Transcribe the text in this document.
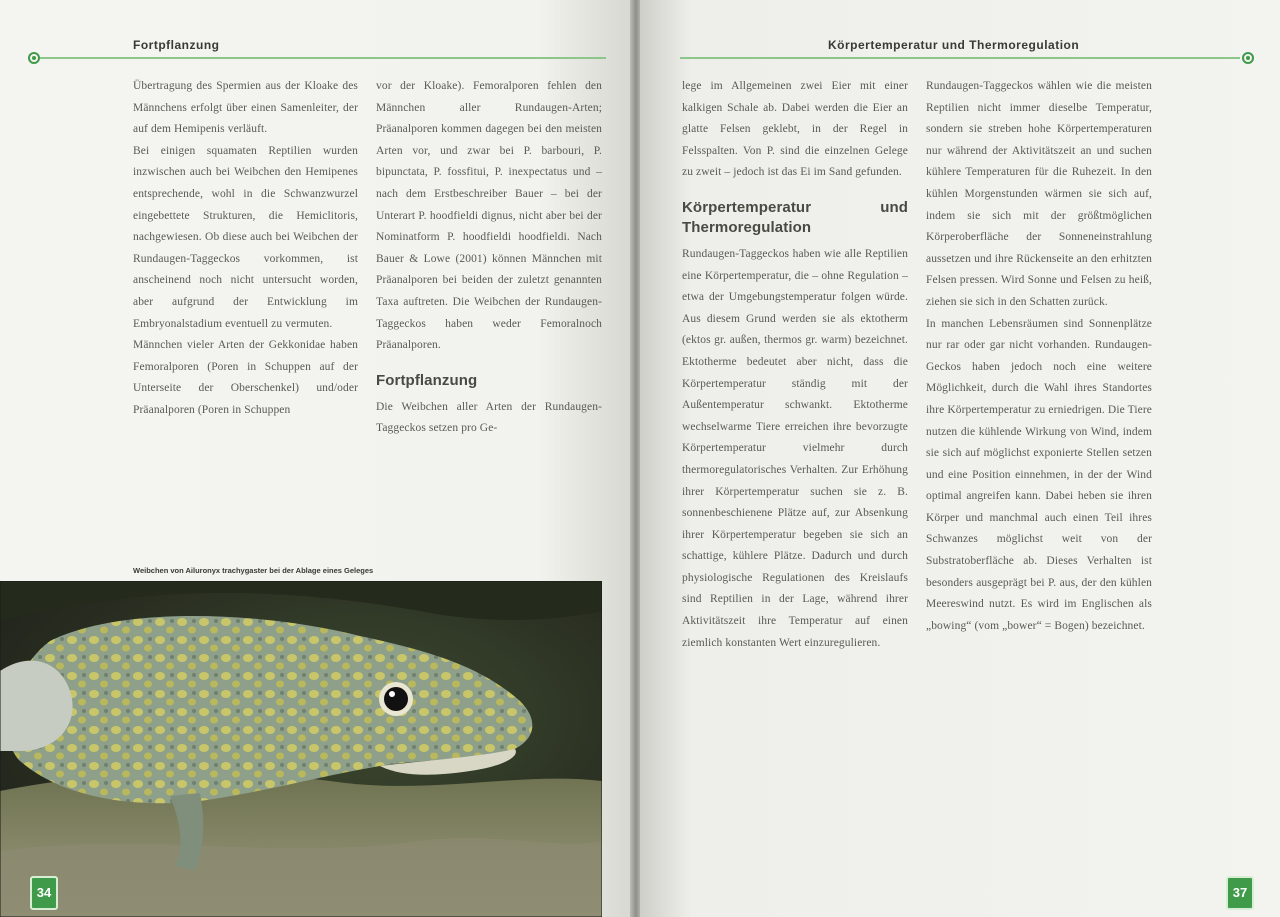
Fortpflanzung

Übertragung des Spermien aus der Kloake des Männchens erfolgt über einen Samenleiter, der auf dem Hemipenis verläuft.

Bei einigen squamaten Reptilien wurden inzwischen auch bei Weibchen den Hemipenes entsprechende, wohl in die Schwanzwurzel eingebettete Strukturen, die Hemiclitoris, nachgewiesen. Ob diese auch bei Weibchen der Rundaugen-Taggeckos vorkommen, ist anscheinend noch nicht untersucht worden, aber aufgrund der Entwicklung im Embryonalstadium eventuell zu vermuten.

Männchen vieler Arten der Gekkonidae haben Femoralporen (Poren in Schuppen auf der Unterseite der Oberschenkel) und/oder Präanalporen (Poren in Schuppen

vor der Kloake). Femoralporen fehlen den Männchen aller Rundaugen-Arten; Präanalporen kommen dagegen bei den meisten Arten vor, und zwar bei P. barbouri, P. bipunctata, P. fossfitui, P. inexpectatus und – nach dem Erstbeschreiber Bauer – bei der Unterart P. hoodfieldi dignus, nicht aber bei der Nominatform P. hoodfieldi hoodfieldi. Nach Bauer & Lowe (2001) können Männchen mit Präanalporen bei beiden der zuletzt genannten Taxa auftreten. Die Weibchen der Rundaugen-Taggeckos haben weder Femoralnoch Präanalporen.

Fortpflanzung

Die Weibchen aller Arten der Rundaugen-Taggeckos setzen pro Ge-

Weibchen von Ailuronyx trachygaster bei der Ablage eines Geleges
34
Körpertemperatur und Thermoregulation

lege im Allgemeinen zwei Eier mit einer kalkigen Schale ab. Dabei werden die Eier an glatte Felsen geklebt, in der Regel in Felsspalten. Von P. sind die einzelnen Gelege zu zweit – jedoch ist das Ei im Sand gefunden.

Körpertemperatur und Thermoregulation

Rundaugen-Taggeckos haben wie alle Reptilien eine Körpertemperatur, die – ohne Regulation – etwa der Umgebungstemperatur folgen würde. Aus diesem Grund werden sie als ektotherm (ektos gr. außen, thermos gr. warm) bezeichnet. Ektotherme bedeutet aber nicht, dass die Körpertemperatur ständig mit der Außentemperatur schwankt. Ektotherme wechselwarme Tiere erreichen ihre bevorzugte Körpertemperatur vielmehr durch thermoregulatorisches Verhalten. Zur Erhöhung ihrer Körpertemperatur suchen sie z. B. sonnenbeschienene Plätze auf, zur Absenkung ihrer Körpertemperatur begeben sie sich an schattige, kühlere Plätze. Dadurch und durch physiologische Regulationen des Kreislaufs sind Reptilien in der Lage, während ihrer Aktivitätszeit ihre Temperatur auf einen ziemlich konstanten Wert einzuregulieren.

Rundaugen-Taggeckos wählen wie die meisten Reptilien nicht immer dieselbe Temperatur, sondern sie streben hohe Körpertemperaturen nur während der Aktivitätszeit an und suchen kühlere Temperaturen für die Ruhezeit. In den kühlen Morgenstunden wärmen sie sich auf, indem sie sich mit der größtmöglichen Körperoberfläche der Sonneneinstrahlung aussetzen und ihre Rückenseite an den erhitzten Felsen pressen. Wird Sonne und Felsen zu heiß, ziehen sie sich in den Schatten zurück.

In manchen Lebensräumen sind Sonnenplätze nur rar oder gar nicht vorhanden. Rundaugen-Geckos haben jedoch noch eine weitere Möglichkeit, durch die Wahl ihres Standortes ihre Körpertemperatur zu erniedrigen. Die Tiere nutzen die kühlende Wirkung von Wind, indem sie sich auf möglichst exponierte Stellen setzen und eine Position einnehmen, in der der Wind optimal angreifen kann. Dabei heben sie ihren Körper und manchmal auch einen Teil ihres Schwanzes möglichst weit von der Substratoberfläche ab. Dieses Verhalten ist besonders ausgeprägt bei P. aus, der den kühlen Meereswind nutzt. Es wird im Englischen als „bowing“ (vom „bower“ = Bogen) bezeichnet.

37
